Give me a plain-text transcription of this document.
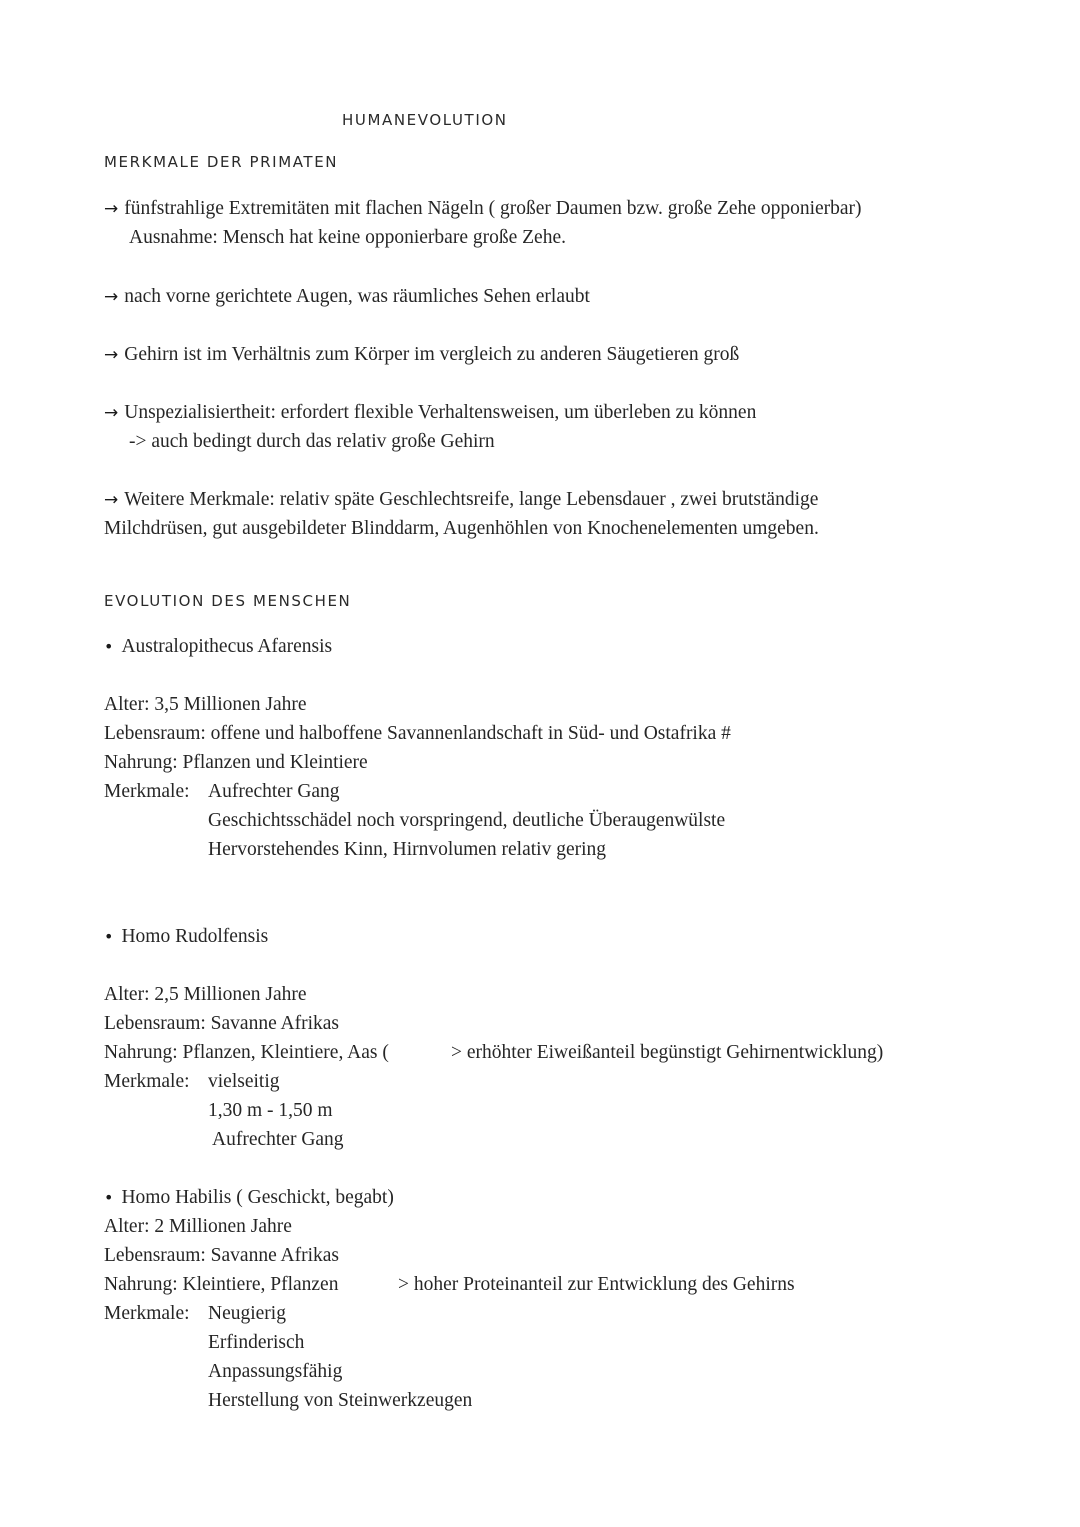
HUMANEVOLUTION
MERKMALE DER PRIMATEN
→ fünfstrahlige Extremitäten mit flachen Nägeln ( großer Daumen bzw. große Zehe opponierbar)
Ausnahme: Mensch hat keine opponierbare große Zehe.
→ nach vorne gerichtete Augen, was räumliches Sehen erlaubt
→ Gehirn ist im Verhältnis zum Körper im vergleich zu anderen Säugetieren groß
→ Unspezialisiertheit: erfordert flexible Verhaltensweisen, um überleben zu können
-> auch bedingt durch das relativ große Gehirn
→ Weitere Merkmale: relativ späte Geschlechtsreife, lange Lebensdauer , zwei brutständige
Milchdrüsen, gut ausgebildeter Blinddarm, Augenhöhlen von Knochenelementen umgeben.
EVOLUTION DES MENSCHEN
• Australopithecus Afarensis
Alter: 3,5 Millionen Jahre
Lebensraum: offene und halboffene Savannenlandschaft in Süd- und Ostafrika #
Nahrung: Pflanzen und Kleintiere
Merkmale: Aufrechter Gang
Geschichtsschädel noch vorspringend, deutliche Überaugenwülste
Hervorstehendes Kinn, Hirnvolumen relativ gering
• Homo Rudolfensis
Alter: 2,5 Millionen Jahre
Lebensraum: Savanne Afrikas
Nahrung: Pflanzen, Kleintiere, Aas (	> erhöhter Eiweißanteil begünstigt Gehirnentwicklung)
Merkmale: vielseitig
1,30 m - 1,50 m
Aufrechter Gang
• Homo Habilis ( Geschickt, begabt)
Alter: 2 Millionen Jahre
Lebensraum: Savanne Afrikas
Nahrung: Kleintiere, Pflanzen	> hoher Proteinanteil zur Entwicklung des Gehirns
Merkmale: Neugierig
Erfinderisch
Anpassungsfähig
Herstellung von Steinwerkzeugen
